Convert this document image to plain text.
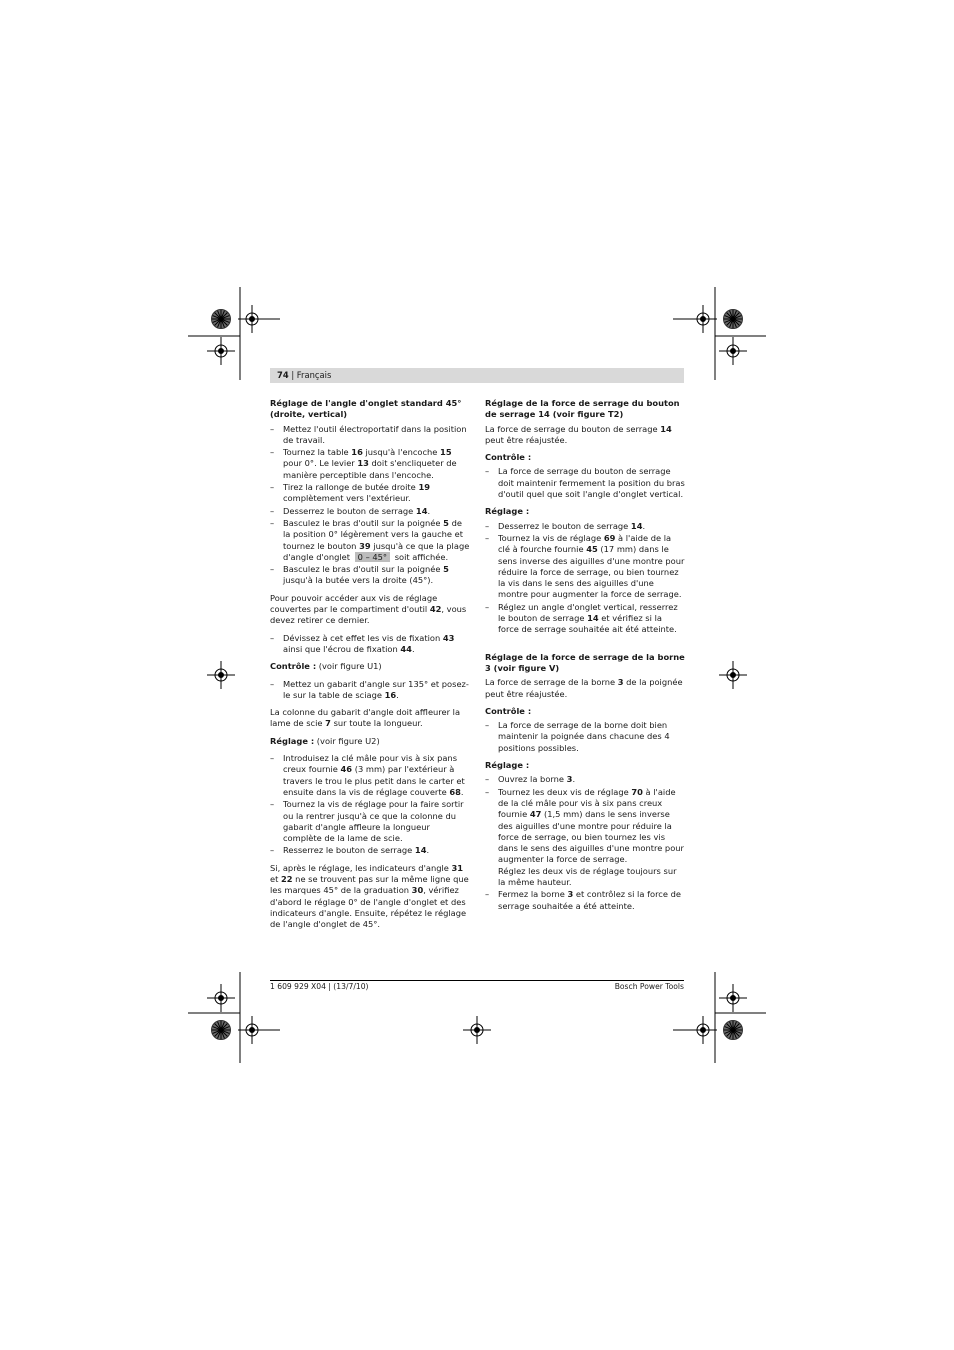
74 | Français
Réglage de l'angle d'onglet standard 45° (droite, vertical)
– Mettez l'outil électroportatif dans la position de travail.
– Tournez la table 16 jusqu'à l'encoche 15 pour 0°. Le levier 13 doit s'encliqueter de manière perceptible dans l'encoche.
– Tirez la rallonge de butée droite 19 complètement vers l'extérieur.
– Desserrez le bouton de serrage 14.
– Basculez le bras d'outil sur la poignée 5 de la position 0° légèrement vers la gauche et tournez le bouton 39 jusqu'à ce que la plage d'angle d'onglet 0 – 45° soit affichée.
– Basculez le bras d'outil sur la poignée 5 jusqu'à la butée vers la droite (45°).

Pour pouvoir accéder aux vis de réglage couvertes par le compartiment d'outil 42, vous devez retirer ce dernier.

– Dévissez à cet effet les vis de fixation 43 ainsi que l'écrou de fixation 44.

Contrôle : (voir figure U1)

– Mettez un gabarit d'angle sur 135° et posez-le sur la table de sciage 16.

La colonne du gabarit d'angle doit affleurer la lame de scie 7 sur toute la longueur.

Réglage : (voir figure U2)

– Introduisez la clé mâle pour vis à six pans creux fournie 46 (3 mm) par l'extérieur à travers le trou le plus petit dans le carter et ensuite dans la vis de réglage couverte 68.
– Tournez la vis de réglage pour la faire sortir ou la rentrer jusqu'à ce que la colonne du gabarit d'angle affleure la longueur complète de la lame de scie.
– Resserrez le bouton de serrage 14.

Si, après le réglage, les indicateurs d'angle 31 et 22 ne se trouvent pas sur la même ligne que les marques 45° de la graduation 30, vérifiez d'abord le réglage 0° de l'angle d'onglet et des indicateurs d'angle. Ensuite, répétez le réglage de l'angle d'onglet de 45°.

Réglage de la force de serrage du bouton de serrage 14 (voir figure T2)

La force de serrage du bouton de serrage 14 peut être réajustée.

Contrôle :

– La force de serrage du bouton de serrage doit maintenir fermement la position du bras d'outil quel que soit l'angle d'onglet vertical.

Réglage :

– Desserrez le bouton de serrage 14.
– Tournez la vis de réglage 69 à l'aide de la clé à fourche fournie 45 (17 mm) dans le sens inverse des aiguilles d'une montre pour réduire la force de serrage, ou bien tournez la vis dans le sens des aiguilles d'une montre pour augmenter la force de serrage.
– Réglez un angle d'onglet vertical, resserrez le bouton de serrage 14 et vérifiez si la force de serrage souhaitée ait été atteinte.
Réglage de la force de serrage de la borne 3 (voir figure V)

La force de serrage de la borne 3 de la poignée peut être réajustée.

Contrôle :

– La force de serrage de la borne doit bien maintenir la poignée dans chacune des 4 positions possibles.

Réglage :

– Ouvrez la borne 3.
– Tournez les deux vis de réglage 70 à l'aide de la clé mâle pour vis à six pans creux fournie 47 (1,5 mm) dans le sens inverse des aiguilles d'une montre pour réduire la force de serrage, ou bien tournez les vis dans le sens des aiguilles d'une montre pour augmenter la force de serrage.
Réglez les deux vis de réglage toujours sur la même hauteur.
– Fermez la borne 3 et contrôlez si la force de serrage souhaitée a été atteinte.
1 609 929 X04 | (13/7/10)	Bosch Power Tools
